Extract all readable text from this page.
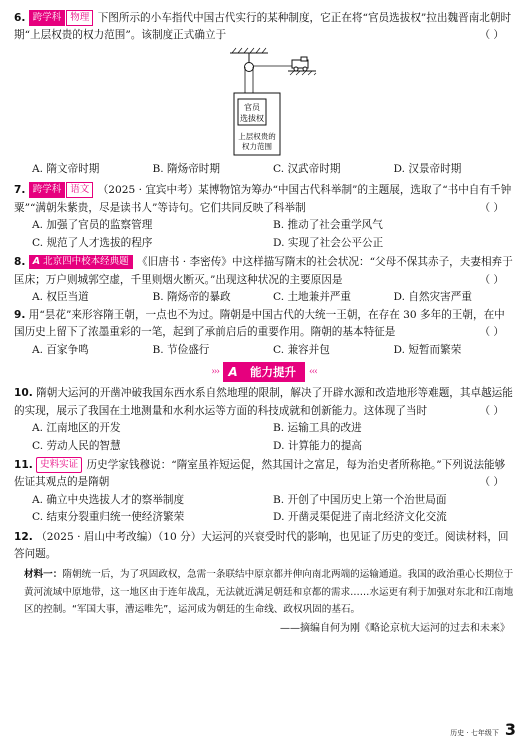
6. 跨学科 物理 下图所示的小车指代中国古代实行的某种制度，它正在将“官员选拔权”拉出魏晋南北朝时期“上层权贵的权力范围”。该制度正式确立于	（ ）

官员
选拔权
上层权贵的
权力范围
A. 隋文帝时期	B. 隋炀帝时期	C. 汉武帝时期	D. 汉景帝时期

7. 跨学科 语文 （2025 · 宜宾中考）某博物馆为筹办“中国古代科举制”的主题展，选取了“书中自有千钟粟”“满朝朱紫贵，尽是读书人”等诗句。它们共同反映了科举制	（ ）

A. 加强了官员的监察管理	B. 推动了社会重学风气
C. 规范了人才选拔的程序	D. 实现了社会公平公正

8. A 北京四中校本经典题 《旧唐书 · 李密传》中这样描写隋末的社会状况：“父母不保其赤子，夫妻相弃于匡床；万户则城郭空虚，千里则烟火断灭。”出现这种状况的主要原因是	（ ）

A. 权臣当道	B. 隋炀帝的暴政	C. 土地兼并严重	D. 自然灾害严重

9. 用“昙花”来形容隋王朝，一点也不为过。隋朝是中国古代的大统一王朝，在存在 30 多年的王朝，在中国历史上留下了浓墨重彩的一笔，起到了承前启后的重要作用。隋朝的基本特征是	（ ）

A. 百家争鸣	B. 节俭盛行	C. 兼容并包	D. 短暂而繁荣
››› A	能力提升	‹‹‹

10. 隋朝大运河的开凿冲破我国东西水系自然地理的限制，解决了开辟水源和改造地形等难题，其卓越运能的实现，展示了我国在土地测量和水利水运等方面的科技成就和创新能力。这体现了当时	（ ）

A. 江南地区的开发	B. 运输工具的改进
C. 劳动人民的智慧	D. 计算能力的提高

11. 史料实证 历史学家钱穆说：“隋室虽祚短运促，然其国计之富足，每为治史者所称艳。”下列说法能够佐证其观点的是隋朝	（ ）

A. 确立中央选拔人才的察举制度	B. 开创了中国历史上第一个治世局面
C. 结束分裂重归统一使经济繁荣	D. 开凿灵渠促进了南北经济文化交流

12. （2025 · 眉山中考改编）（10 分）大运河的兴衰受时代的影响，也见证了历史的变迁。阅读材料，回答问题。

材料一：隋朝统一后，为了巩固政权，急需一条联结中原京都并伸向南北两端的运输通道。我国的政治重心长期位于黄河流域中原地带，这一地区由于连年战乱，无法就近满足朝廷和京都的需求……水运更有利于加强对东北和江南地区的控制。“军国大事，漕运唯先”，运河成为朝廷的生命线、政权巩固的基石。

——摘编自何为刚《略论京杭大运河的过去和未来》

历史 · 七年级下 3
